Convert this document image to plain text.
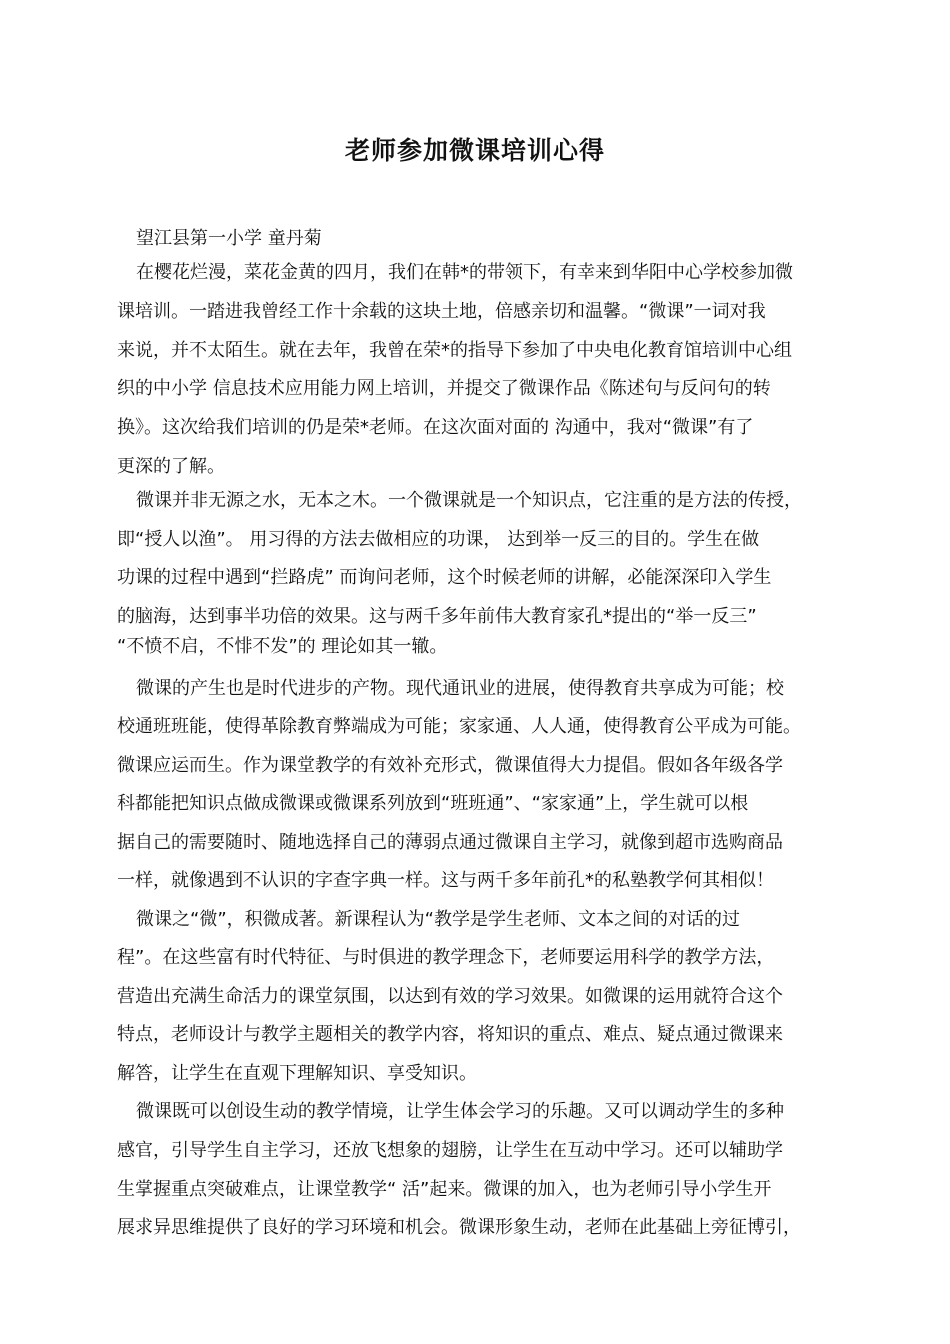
老师参加微课培训心得

望江县第一小学 童丹菊

在樱花烂漫，菜花金黄的四月，我们在韩*的带领下，有幸来到华阳中心学校参加微

课培训。一踏进我曾经工作十余载的这块土地，倍感亲切和温馨。“微课”一词对我

来说，并不太陌生。就在去年，我曾在荣*的指导下参加了中央电化教育馆培训中心组

织的中小学 信息技术应用能力网上培训，并提交了微课作品《陈述句与反问句的转

换》。这次给我们培训的仍是荣*老师。在这次面对面的 沟通中，我对“微课”有了

更深的了解。

微课并非无源之水，无本之木。一个微课就是一个知识点，它注重的是方法的传授，

即“授人以渔”。 用习得的方法去做相应的功课， 达到举一反三的目的。学生在做

功课的过程中遇到“拦路虎” 而询问老师，这个时候老师的讲解，必能深深印入学生

的脑海，达到事半功倍的效果。这与两千多年前伟大教育家孔*提出的“举一反三”

“不愤不启，不悱不发”的 理论如其一辙。

微课的产生也是时代进步的产物。现代通讯业的进展，使得教育共享成为可能；校

校通班班能，使得革除教育弊端成为可能；家家通、人人通，使得教育公平成为可能。

微课应运而生。作为课堂教学的有效补充形式，微课值得大力提倡。假如各年级各学

科都能把知识点做成微课或微课系列放到“班班通”、“家家通”上，学生就可以根

据自己的需要随时、随地选择自己的薄弱点通过微课自主学习，就像到超市选购商品

一样，就像遇到不认识的字查字典一样。这与两千多年前孔*的私塾教学何其相似！

微课之“微”，积微成著。新课程认为“教学是学生老师、文本之间的对话的过

程”。在这些富有时代特征、与时俱进的教学理念下，老师要运用科学的教学方法，

营造出充满生命活力的课堂氛围，以达到有效的学习效果。如微课的运用就符合这个

特点，老师设计与教学主题相关的教学内容，将知识的重点、难点、疑点通过微课来

解答，让学生在直观下理解知识、享受知识。

微课既可以创设生动的教学情境，让学生体会学习的乐趣。又可以调动学生的多种

感官，引导学生自主学习，还放飞想象的翅膀，让学生在互动中学习。还可以辅助学

生掌握重点突破难点，让课堂教学“ 活”起来。微课的加入，也为老师引导小学生开

展求异思维提供了良好的学习环境和机会。微课形象生动，老师在此基础上旁征博引，
